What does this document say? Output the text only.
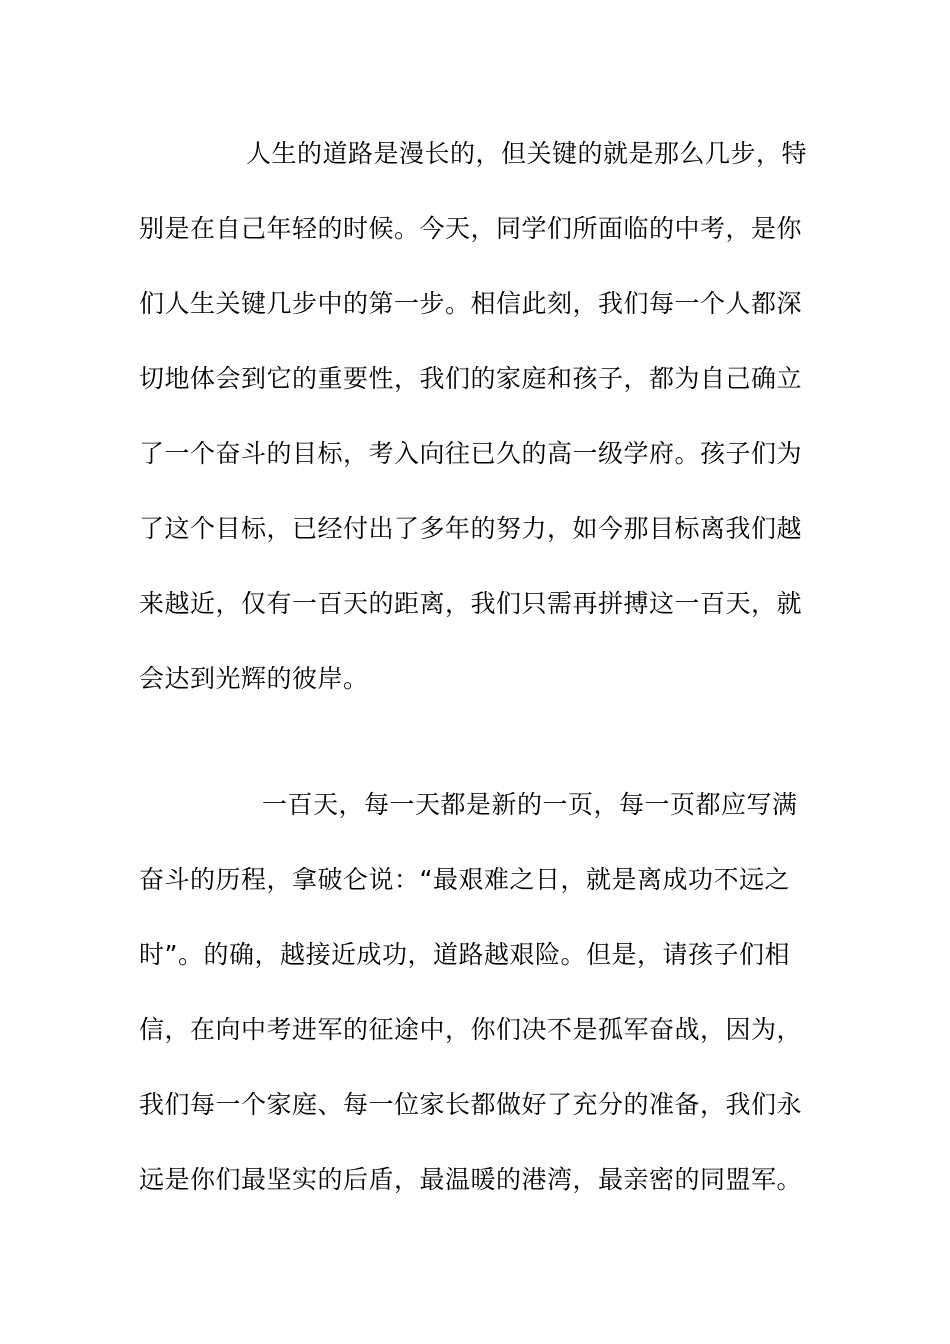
人生的道路是漫长的，但关键的就是那么几步，特
别是在自己年轻的时候。今天，同学们所面临的中考，是你
们人生关键几步中的第一步。相信此刻，我们每一个人都深
切地体会到它的重要性，我们的家庭和孩子，都为自己确立
了一个奋斗的目标，考入向往已久的高一级学府。孩子们为
了这个目标，已经付出了多年的努力，如今那目标离我们越
来越近，仅有一百天的距离，我们只需再拼搏这一百天，就
会达到光辉的彼岸。
一百天，每一天都是新的一页，每一页都应写满
奋斗的历程，拿破仑说：“最艰难之日，就是离成功不远之
时”。的确，越接近成功，道路越艰险。但是，请孩子们相
信，在向中考进军的征途中，你们决不是孤军奋战，因为，
我们每一个家庭、每一位家长都做好了充分的准备，我们永
远是你们最坚实的后盾，最温暖的港湾，最亲密的同盟军。
